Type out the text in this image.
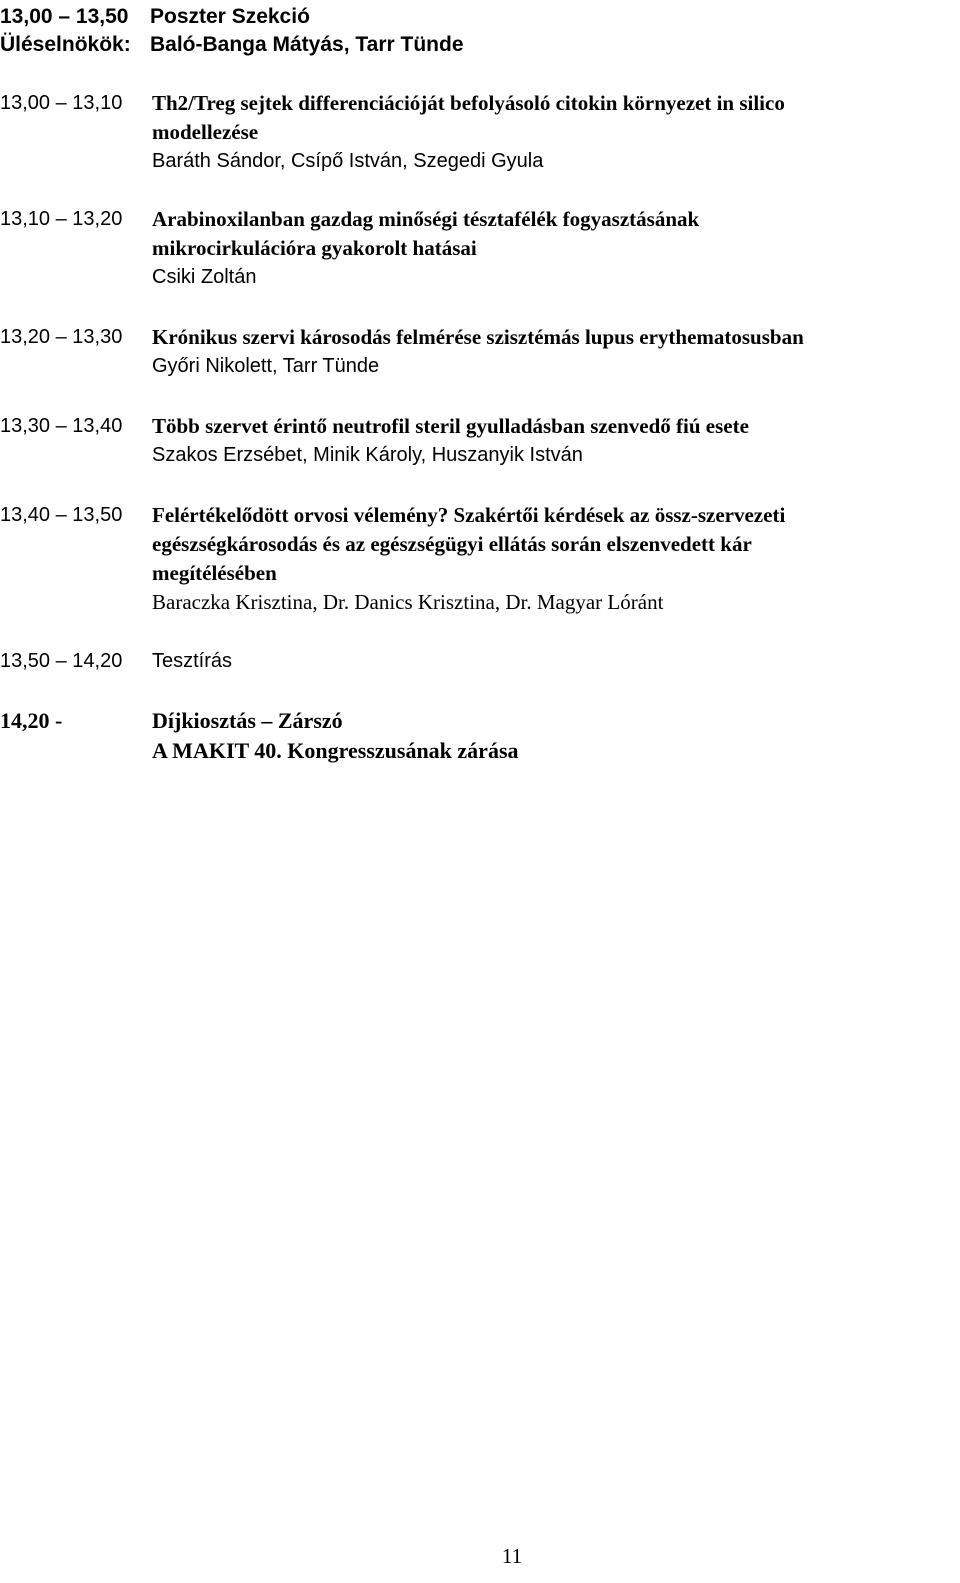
13,00 – 13,50 Poszter Szekció
Üléselnökök: Baló-Banga Mátyás, Tarr Tünde
13,00 – 13,10 Th2/Treg sejtek differenciációját befolyásoló citokin környezet in silico
modellezése
Baráth Sándor, Csípő István, Szegedi Gyula
13,10 – 13,20 Arabinoxilanban gazdag minőségi tésztafélék fogyasztásának
mikrocirkulációra gyakorolt hatásai
Csiki Zoltán
13,20 – 13,30 Krónikus szervi károsodás felmérése szisztémás lupus erythematosusban
Győri Nikolett, Tarr Tünde
13,30 – 13,40 Több szervet érintő neutrofil steril gyulladásban szenvedő fiú esete
Szakos Erzsébet, Minik Károly, Huszanyik István
13,40 – 13,50 Felértékelődött orvosi vélemény? Szakértői kérdések az össz-szervezeti
egészségkárosodás és az egészségügyi ellátás során elszenvedett kár
megítélésében
Baraczka Krisztina, Dr. Danics Krisztina, Dr. Magyar Lóránt
13,50 – 14,20 Tesztírás
14,20 -	Díjkiosztás – Zárszó
A MAKIT 40. Kongresszusának zárása
11
